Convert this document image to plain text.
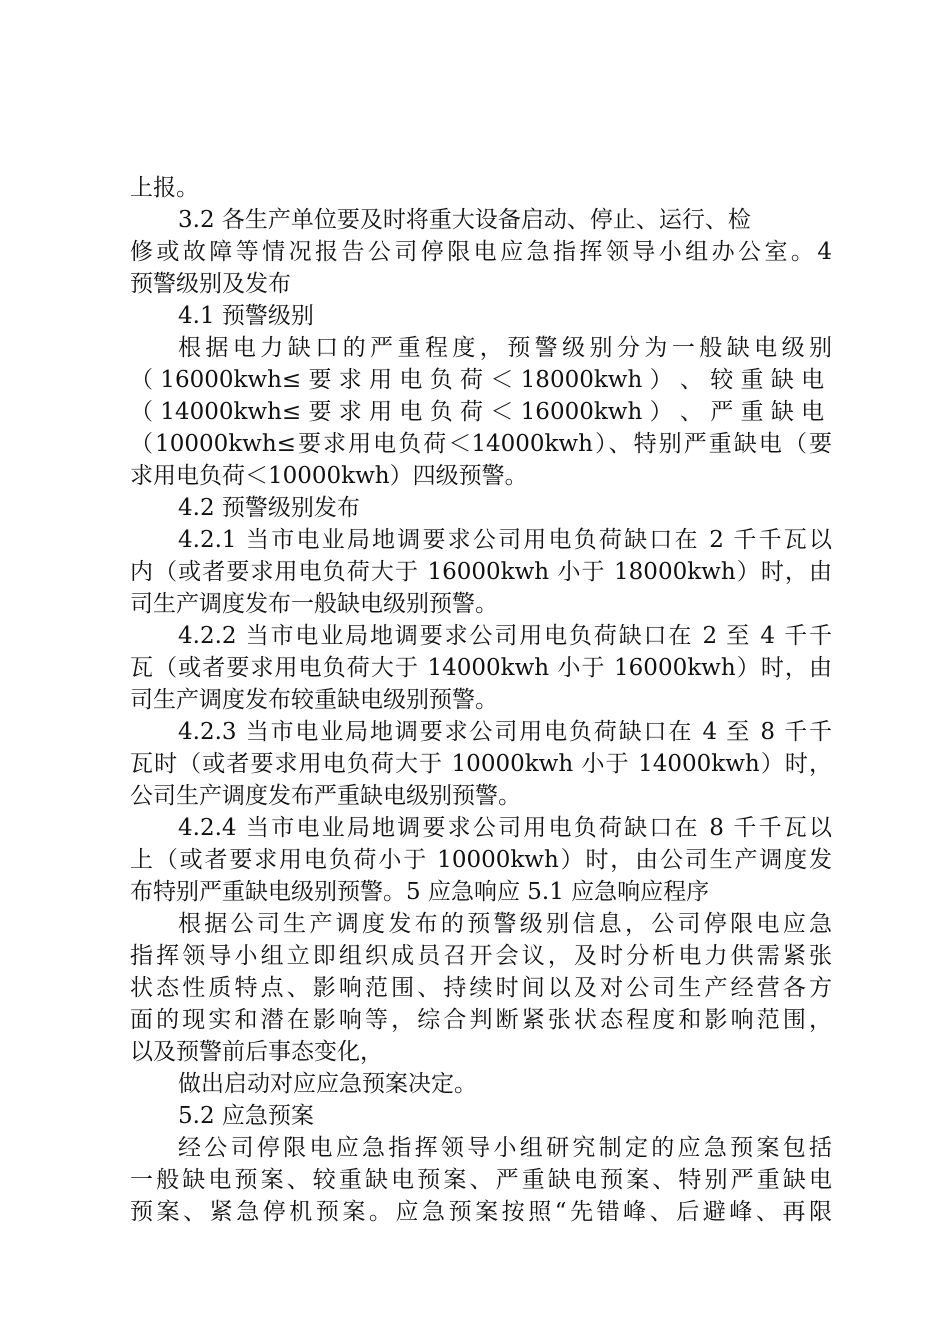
上报。
3.2 各生产单位要及时将重大设备启动、停止、运行、检
修或故障等情况报告公司停限电应急指挥领导小组办公室。4
预警级别及发布
4.1 预警级别
根据电力缺口的严重程度，预警级别分为一般缺电级别
（ 16000kwh≤ 要 求 用 电 负 荷 ＜ 18000kwh ） 、 较 重 缺 电
（ 14000kwh≤ 要 求 用 电 负 荷 ＜ 16000kwh ） 、 严 重 缺 电
（10000kwh≤要求用电负荷＜14000kwh）、特别严重缺电（要
求用电负荷＜10000kwh）四级预警。
4.2 预警级别发布
4.2.1 当市电业局地调要求公司用电负荷缺口在 2 千千瓦以
内（或者要求用电负荷大于 16000kwh 小于 18000kwh）时，由
司生产调度发布一般缺电级别预警。
4.2.2 当市电业局地调要求公司用电负荷缺口在 2 至 4 千千
瓦（或者要求用电负荷大于 14000kwh 小于 16000kwh）时，由
司生产调度发布较重缺电级别预警。
4.2.3 当市电业局地调要求公司用电负荷缺口在 4 至 8 千千
瓦时（或者要求用电负荷大于 10000kwh 小于 14000kwh）时，
公司生产调度发布严重缺电级别预警。
4.2.4 当市电业局地调要求公司用电负荷缺口在 8 千千瓦以
上（或者要求用电负荷小于 10000kwh）时，由公司生产调度发
布特别严重缺电级别预警。5 应急响应 5.1 应急响应程序
根据公司生产调度发布的预警级别信息，公司停限电应急
指挥领导小组立即组织成员召开会议，及时分析电力供需紧张
状态性质特点、影响范围、持续时间以及对公司生产经营各方
面的现实和潜在影响等，综合判断紧张状态程度和影响范围，
以及预警前后事态变化，
做出启动对应应急预案决定。
5.2 应急预案
经公司停限电应急指挥领导小组研究制定的应急预案包括
一般缺电预案、较重缺电预案、严重缺电预案、特别严重缺电
预案、紧急停机预案。应急预案按照“先错峰、后避峰、再限
